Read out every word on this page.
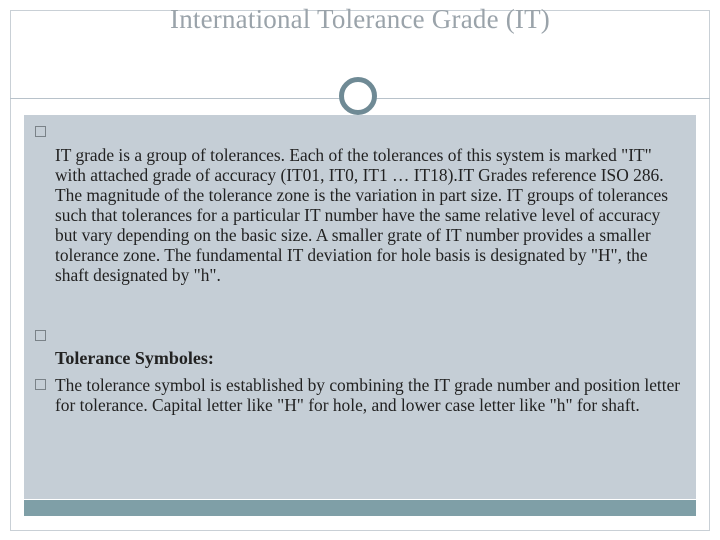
International Tolerance Grade (IT)
IT grade is a group of tolerances. Each of the tolerances of this system is marked "IT" with attached grade of accuracy (IT01, IT0, IT1 … IT18).IT Grades reference ISO 286. The magnitude of the tolerance zone is the variation in part size. IT groups of tolerances such that tolerances for a particular IT number have the same relative level of accuracy but vary depending on the basic size. A smaller grate of IT number provides a smaller tolerance zone. The fundamental IT deviation for hole basis is designated by "H", the shaft designated by "h".
Tolerance Symboles:
The tolerance symbol is established by combining the IT grade number and position letter for tolerance. Capital letter like "H" for hole, and lower case letter like "h" for shaft.
